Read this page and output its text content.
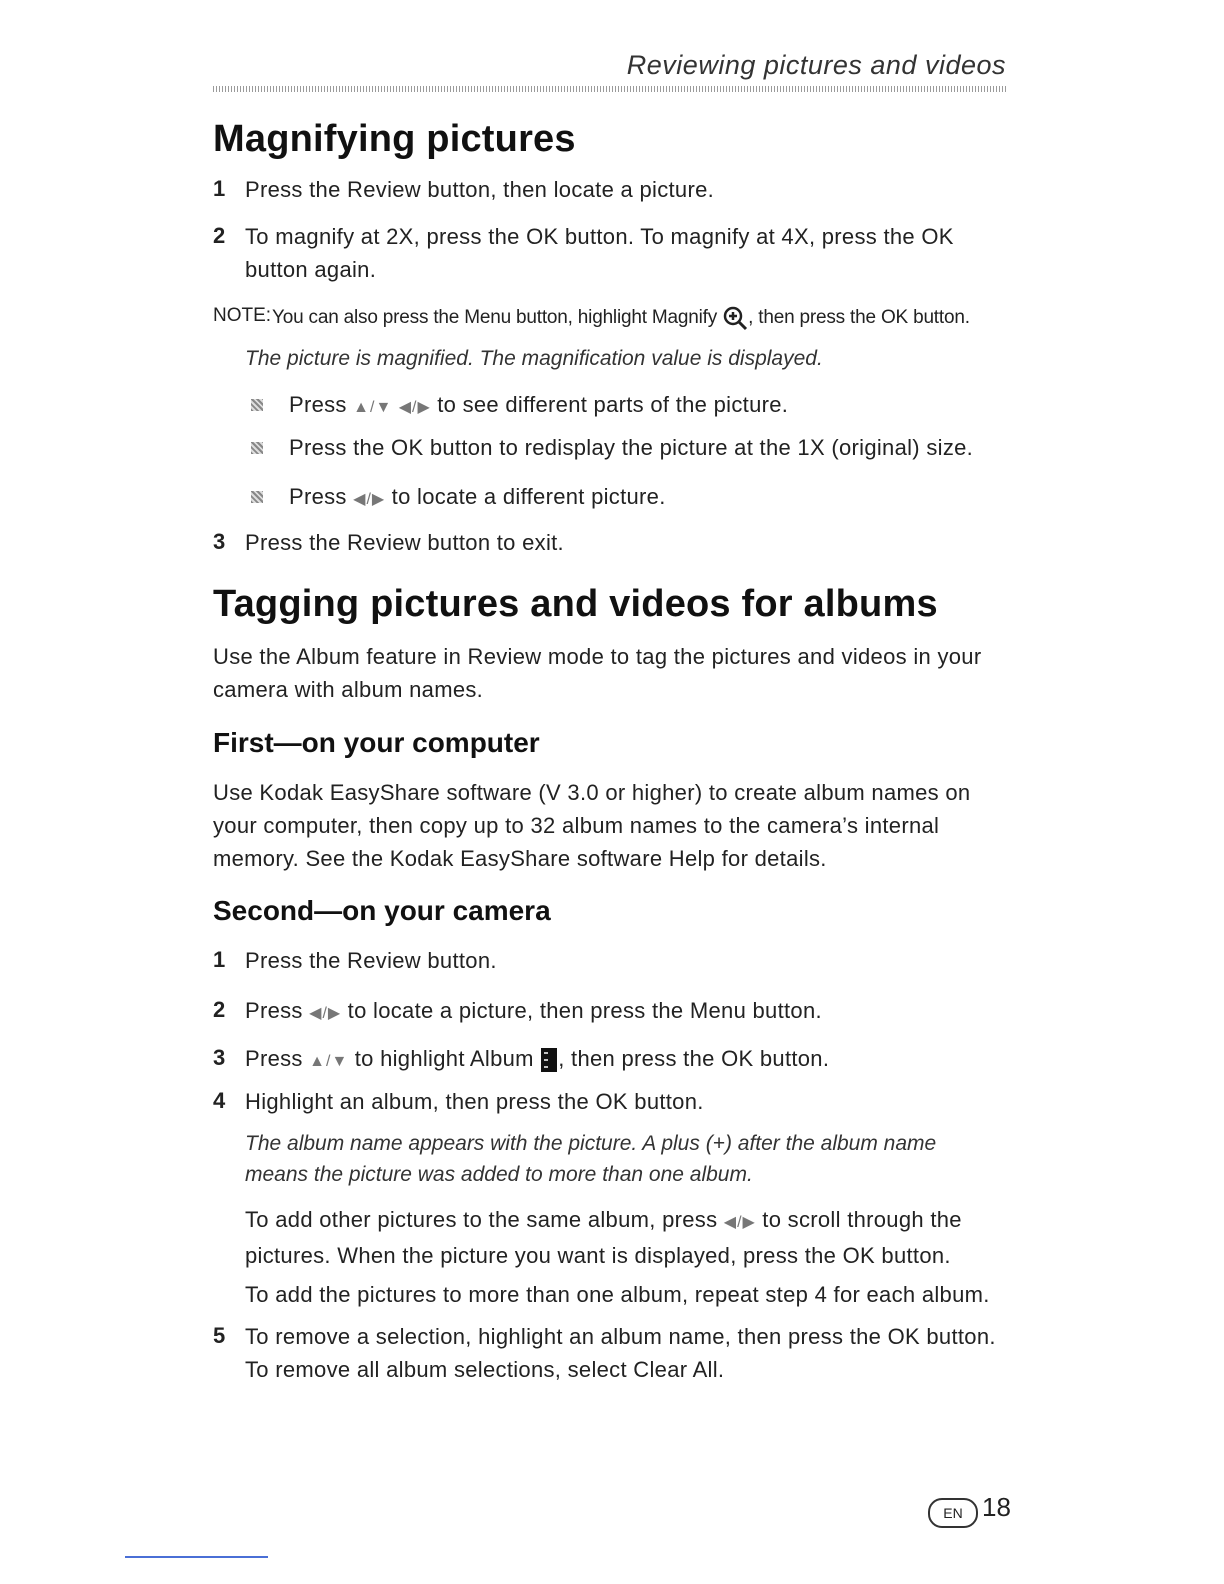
Reviewing pictures and videos
Magnifying pictures
1 Press the Review button, then locate a picture.
2 To magnify at 2X, press the OK button. To magnify at 4X, press the OK button again.
NOTE: You can also press the Menu button, highlight Magnify , then press the OK button.
The picture is magnified. The magnification value is displayed.
Press ▲/▼ ◀/▶ to see different parts of the picture.
Press the OK button to redisplay the picture at the 1X (original) size.
Press ◀/▶ to locate a different picture.
3 Press the Review button to exit.
Tagging pictures and videos for albums
Use the Album feature in Review mode to tag the pictures and videos in your camera with album names.
First—on your computer
Use Kodak EasyShare software (V 3.0 or higher) to create album names on your computer, then copy up to 32 album names to the camera’s internal memory. See the Kodak EasyShare software Help for details.
Second—on your camera
1 Press the Review button.
2 Press ◀/▶ to locate a picture, then press the Menu button.
3 Press ▲/▼ to highlight Album , then press the OK button.
4 Highlight an album, then press the OK button.
The album name appears with the picture. A plus (+) after the album name means the picture was added to more than one album.
To add other pictures to the same album, press ◀/▶ to scroll through the pictures. When the picture you want is displayed, press the OK button.
To add the pictures to more than one album, repeat step 4 for each album.
5 To remove a selection, highlight an album name, then press the OK button. To remove all album selections, select Clear All.
EN 18
